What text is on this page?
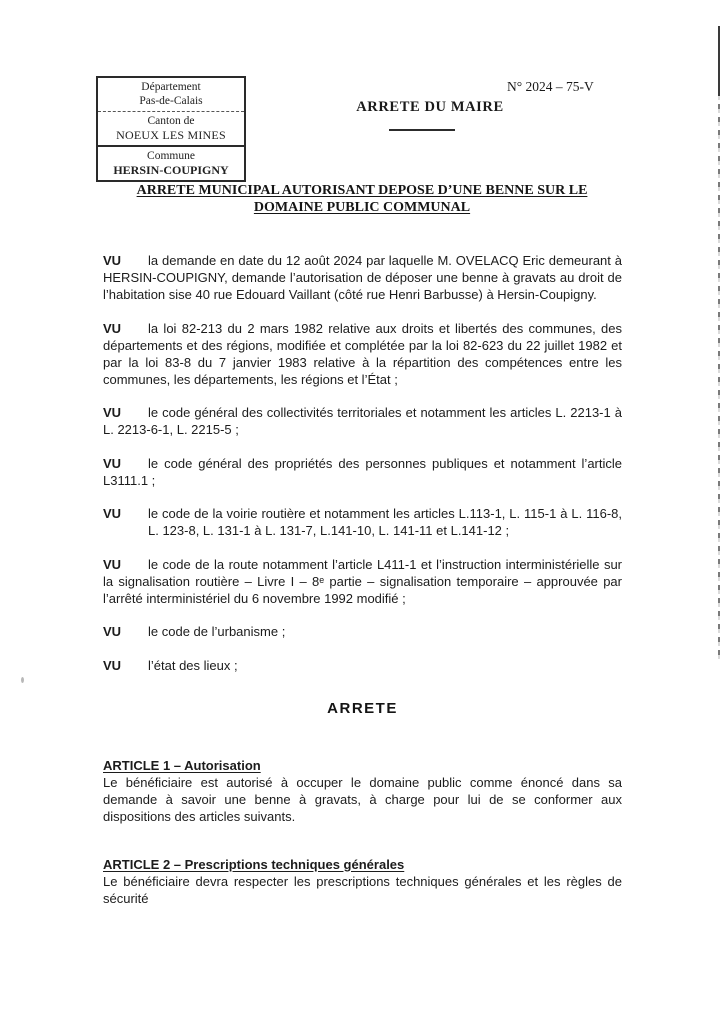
Département
Pas-de-Calais
Canton de
NOEUX LES MINES
Commune
HERSIN-COUPIGNY
N° 2024 – 75-V
ARRETE DU MAIRE
ARRETE MUNICIPAL AUTORISANT DEPOSE D’UNE BENNE SUR LE
DOMAINE PUBLIC COMMUNAL

VU la demande en date du 12 août 2024 par laquelle M. OVELACQ Eric demeurant à HERSIN-COUPIGNY, demande l’autorisation de déposer une benne à gravats au droit de l’habitation sise 40 rue Edouard Vaillant (côté rue Henri Barbusse) à Hersin-Coupigny.

VU la loi 82-213 du 2 mars 1982 relative aux droits et libertés des communes, des départements et des régions, modifiée et complétée par la loi 82-623 du 22 juillet 1982 et par la loi 83-8 du 7 janvier 1983 relative à la répartition des compétences entre les communes, les départements, les régions et l’État ;

VU le code général des collectivités territoriales et notamment les articles L. 2213-1 à L. 2213-6-1, L. 2215-5 ;

VU le code général des propriétés des personnes publiques et notamment l’article L3111.1 ;

VU le code de la voirie routière et notamment les articles L.113-1, L. 115-1 à L. 116-8, L. 123-8, L. 131-1 à L. 131-7, L.141-10, L. 141-11 et L.141-12 ;

VU le code de la route notamment l’article L411-1 et l’instruction interministérielle sur la signalisation routière – Livre I – 8ᵉ partie – signalisation temporaire – approuvée par l’arrêté interministériel du 6 novembre 1992 modifié ;

VU le code de l’urbanisme ;

VU l’état des lieux ;

ARRETE
ARTICLE 1 – Autorisation

Le bénéficiaire est autorisé à occuper le domaine public comme énoncé dans sa demande à savoir une benne à gravats, à charge pour lui de se conformer aux dispositions des articles suivants.

ARTICLE 2 – Prescriptions techniques générales

Le bénéficiaire devra respecter les prescriptions techniques générales et les règles de sécurité
